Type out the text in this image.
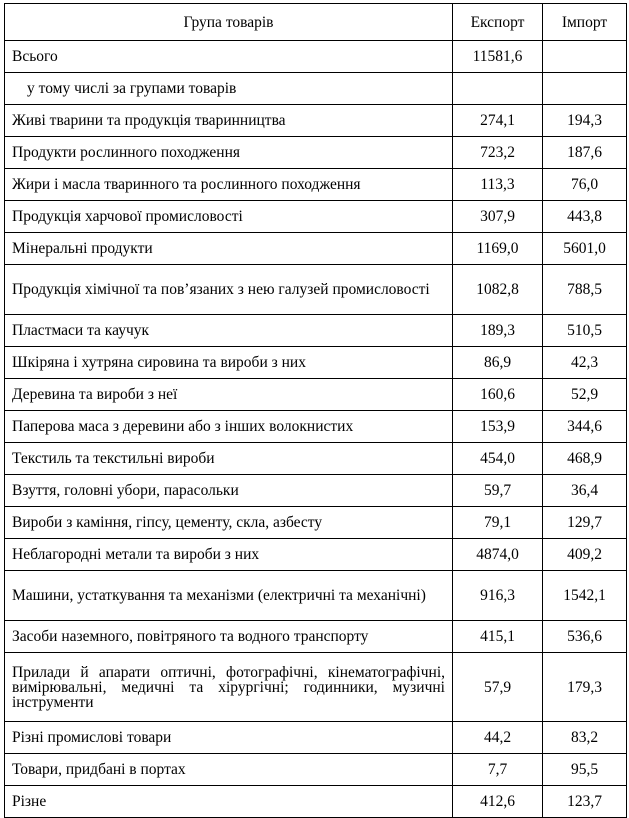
Група товарів	Експорт	Імпорт
Всього	11581,6	
у тому числі за групами товарів		
Живі тварини та продукція тваринництва	274,1	194,3
Продукти рослинного походження	723,2	187,6
Жири і масла тваринного та рослинного походження	113,3	76,0
Продукція харчової промисловості	307,9	443,8
Мінеральні продукти	1169,0	5601,0
Продукція хімічної та пов’язаних з нею галузей промисловості	1082,8	788,5
Пластмаси та каучук	189,3	510,5
Шкіряна і хутряна сировина та вироби з них	86,9	42,3
Деревина та вироби з неї	160,6	52,9
Паперова маса з деревини або з інших волокнистих	153,9	344,6
Текстиль та текстильні вироби	454,0	468,9
Взуття, головні убори, парасольки	59,7	36,4
Вироби з каміння, гіпсу, цементу, скла, азбесту	79,1	129,7
Неблагородні метали та вироби з них	4874,0	409,2
Машини, устаткування та механізми (електричні та механічні)	916,3	1542,1
Засоби наземного, повітряного та водного транспорту	415,1	536,6
Прилади й апарати оптичні, фотографічні, кінематографічні, вимірювальні, медичні та хірургічні; годинники, музичні інструменти	57,9	179,3
Різні промислові товари	44,2	83,2
Товари, придбані в портах	7,7	95,5
Різне	412,6	123,7
